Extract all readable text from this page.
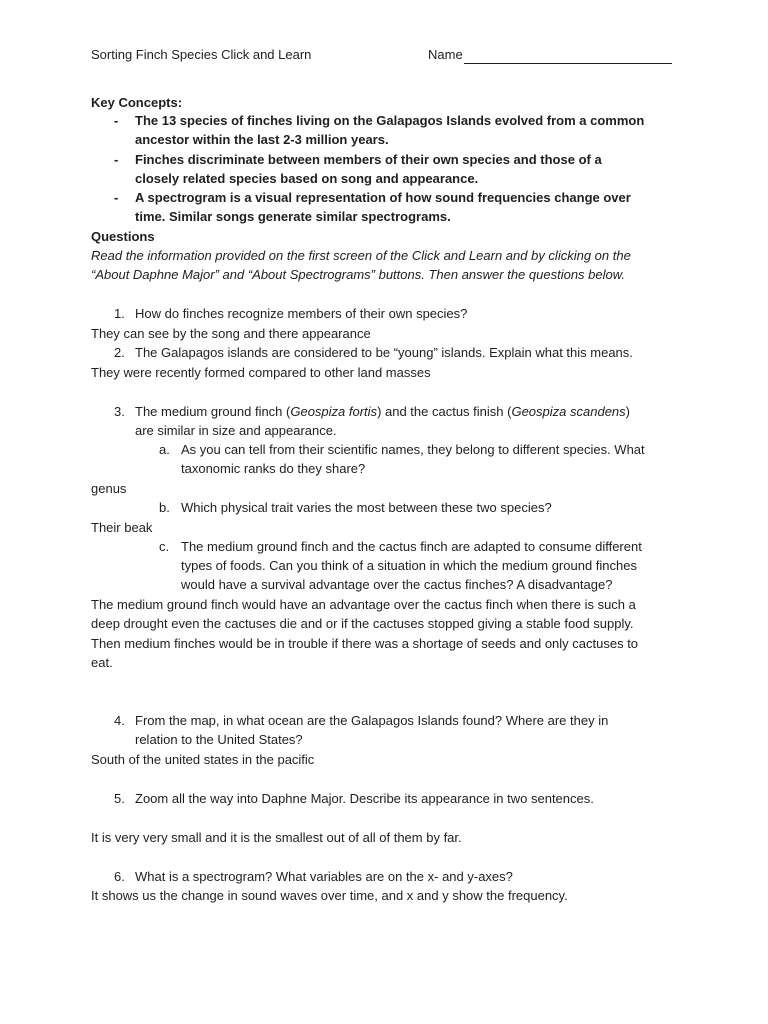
Sorting Finch Species Click and Learn	Name
Key Concepts:
- The 13 species of finches living on the Galapagos Islands evolved from a common
ancestor within the last 2-3 million years.
- Finches discriminate between members of their own species and those of a
closely related species based on song and appearance.
- A spectrogram is a visual representation of how sound frequencies change over
time. Similar songs generate similar spectrograms.
Questions
Read the information provided on the first screen of the Click and Learn and by clicking on the
“About Daphne Major” and “About Spectrograms” buttons. Then answer the questions below.
1. How do finches recognize members of their own species?
They can see by the song and there appearance
2. The Galapagos islands are considered to be “young” islands. Explain what this means.
They were recently formed compared to other land masses
3. The medium ground finch (Geospiza fortis) and the cactus finish (Geospiza scandens)
are similar in size and appearance.
a. As you can tell from their scientific names, they belong to different species. What
taxonomic ranks do they share?
genus
b. Which physical trait varies the most between these two species?
Their beak
c. The medium ground finch and the cactus finch are adapted to consume different
types of foods. Can you think of a situation in which the medium ground finches
would have a survival advantage over the cactus finches? A disadvantage?
The medium ground finch would have an advantage over the cactus finch when there is such a
deep drought even the cactuses die and or if the cactuses stopped giving a stable food supply.
Then medium finches would be in trouble if there was a shortage of seeds and only cactuses to
eat.
4. From the map, in what ocean are the Galapagos Islands found? Where are they in
relation to the United States?
South of the united states in the pacific
5. Zoom all the way into Daphne Major. Describe its appearance in two sentences.
It is very very small and it is the smallest out of all of them by far.
6. What is a spectrogram? What variables are on the x- and y-axes?
It shows us the change in sound waves over time, and x and y show the frequency.
